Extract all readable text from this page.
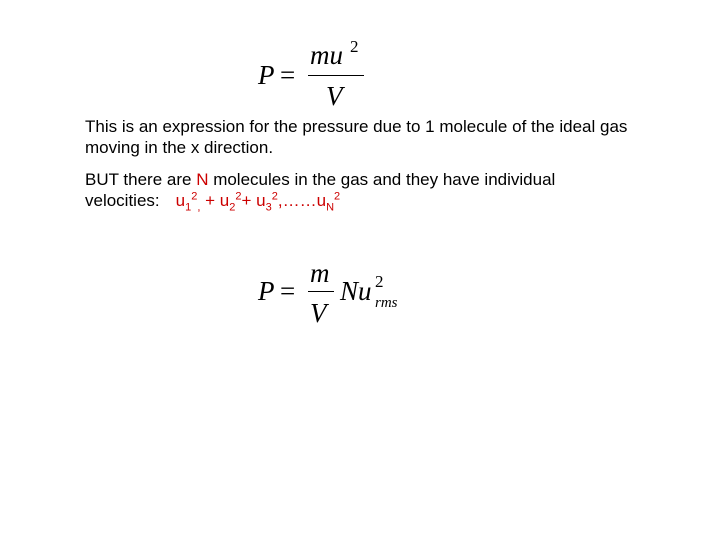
P =
mu 2
V
This is an expression for the pressure due to 1 molecule of the ideal gas moving in the x direction.
BUT there are N molecules in the gas and they have individual
velocities: $u_1^2_, + u_2^2+$ $u_3^2,\dots\dots u_N^2$
P =
m
V
Nu 2
rms
